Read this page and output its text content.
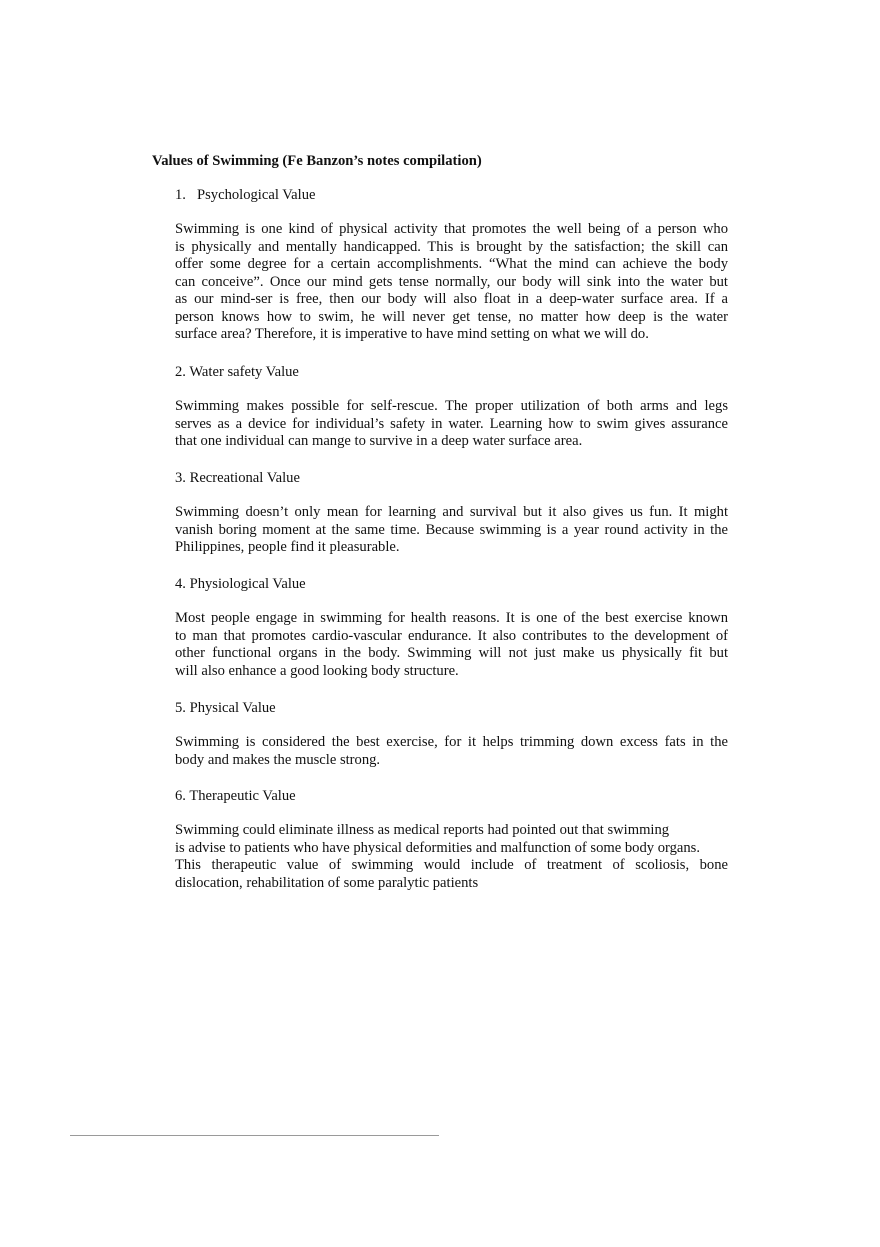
Values of Swimming (Fe Banzon’s notes compilation)
1. Psychological Value
Swimming is one kind of physical activity that promotes the well being of a person who
is physically and mentally handicapped. This is brought by the satisfaction; the skill can
offer some degree for a certain accomplishments. “What the mind can achieve the body
can conceive”. Once our mind gets tense normally, our body will sink into the water but
as our mind-ser is free, then our body will also float in a deep-water surface area. If a
person knows how to swim, he will never get tense, no matter how deep is the water
surface area? Therefore, it is imperative to have mind setting on what we will do.
2. Water safety Value
Swimming makes possible for self-rescue. The proper utilization of both arms and legs
serves as a device for individual’s safety in water. Learning how to swim gives assurance
that one individual can mange to survive in a deep water surface area.
3. Recreational Value
Swimming doesn’t only mean for learning and survival but it also gives us fun. It might
vanish boring moment at the same time. Because swimming is a year round activity in the
Philippines, people find it pleasurable.
4. Physiological Value
Most people engage in swimming for health reasons. It is one of the best exercise known
to man that promotes cardio-vascular endurance. It also contributes to the development of
other functional organs in the body. Swimming will not just make us physically fit but
will also enhance a good looking body structure.
5. Physical Value
Swimming is considered the best exercise, for it helps trimming down excess fats in the
body and makes the muscle strong.
6. Therapeutic Value
Swimming could eliminate illness as medical reports had pointed out that swimming
is advise to patients who have physical deformities and malfunction of some body organs.
This therapeutic value of swimming would include of treatment of scoliosis, bone
dislocation, rehabilitation of some paralytic patients
